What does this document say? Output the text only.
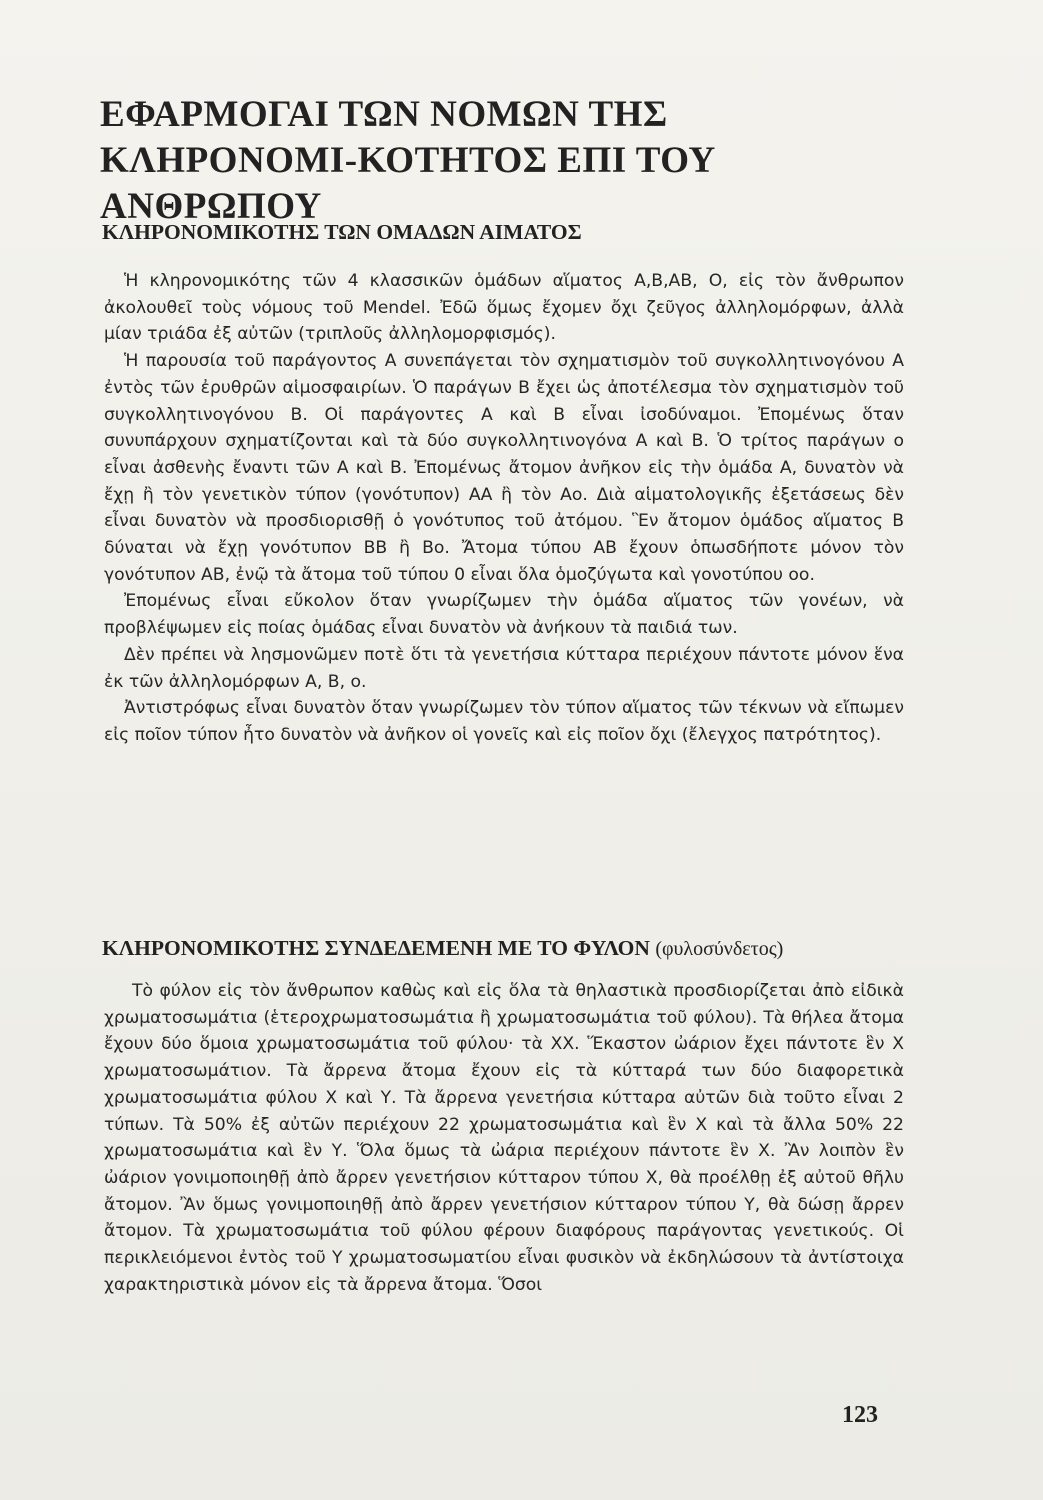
ΕΦΑΡΜΟΓΑΙ ΤΩΝ ΝΟΜΩΝ ΤΗΣ ΚΛΗΡΟΝΟΜΙ-ΚΟΤΗΤΟΣ ΕΠΙ ΤΟΥ ΑΝΘΡΩΠΟΥ
ΚΛΗΡΟΝΟΜΙΚΟΤΗΣ ΤΩΝ ΟΜΑΔΩΝ ΑΙΜΑΤΟΣ

Ἡ κληρονομικότης τῶν 4 κλασσικῶν ὁμάδων αἵματος Α,Β,ΑΒ, Ο, εἰς τὸν ἄνθρωπον ἀκολουθεῖ τοὺς νόμους τοῦ Mendel. Ἐδῶ ὅμως ἔχομεν ὄχι ζεῦγος ἀλληλομόρφων, ἀλλὰ μίαν τριάδα ἐξ αὐτῶν (τριπλοῦς ἀλληλομορφισμός).

Ἡ παρουσία τοῦ παράγοντος Α συνεπάγεται τὸν σχηματισμὸν τοῦ συγκολλητινογόνου Α ἐντὸς τῶν ἐρυθρῶν αἱμοσφαιρίων. Ὁ παράγων Β ἔχει ὡς ἀποτέλεσμα τὸν σχηματισμὸν τοῦ συγκολλητινογόνου Β. Οἱ παράγοντες Α καὶ Β εἶναι ἰσοδύναμοι. Ἐπομένως ὅταν συνυπάρχουν σχηματίζονται καὶ τὰ δύο συγκολλητινογόνα Α καὶ Β. Ὁ τρίτος παράγων ο εἶναι ἀσθενὴς ἔναντι τῶν Α καὶ Β. Ἐπομένως ἄτομον ἀνῆκον εἰς τὴν ὁμάδα Α, δυνατὸν νὰ ἔχῃ ἢ τὸν γενετικὸν τύπον (γονότυπον) ΑΑ ἢ τὸν Αο. Διὰ αἱματολογικῆς ἐξετάσεως δὲν εἶναι δυνατὸν νὰ προσδιορισθῇ ὁ γονότυπος τοῦ ἀτόμου. Ἓν ἄτομον ὁμάδος αἵματος Β δύναται νὰ ἔχῃ γονότυπον ΒΒ ἢ Βο. Ἄτομα τύπου ΑΒ ἔχουν ὁπωσδήποτε μόνον τὸν γονότυπον ΑΒ, ἐνῷ τὰ ἄτομα τοῦ τύπου 0 εἶναι ὅλα ὁμοζύγωτα καὶ γονοτύπου οο.

Ἐπομένως εἶναι εὔκολον ὅταν γνωρίζωμεν τὴν ὁμάδα αἵματος τῶν γονέων, νὰ προβλέψωμεν εἰς ποίας ὁμάδας εἶναι δυνατὸν νὰ ἀνήκουν τὰ παιδιά των.

Δὲν πρέπει νὰ λησμονῶμεν ποτὲ ὅτι τὰ γενετήσια κύτταρα περιέχουν πάντοτε μόνον ἕνα ἐκ τῶν ἀλληλομόρφων Α, Β, ο.

Ἀντιστρόφως εἶναι δυνατὸν ὅταν γνωρίζωμεν τὸν τύπον αἵματος τῶν τέκνων νὰ εἴπωμεν εἰς ποῖον τύπον ἦτο δυνατὸν νὰ ἀνῆκον οἱ γονεῖς καὶ εἰς ποῖον ὄχι (ἔλεγχος πατρότητος).

ΚΛΗΡΟΝΟΜΙΚΟΤΗΣ ΣΥΝΔΕΔΕΜΕΝΗ ΜΕ ΤΟ ΦΥΛΟΝ (φυλοσύνδετος)

Τὸ φύλον εἰς τὸν ἄνθρωπον καθὼς καὶ εἰς ὅλα τὰ θηλαστικὰ προσδιορίζεται ἀπὸ εἰδικὰ χρωματοσωμάτια (ἑτεροχρωματοσωμάτια ἢ χρωματοσωμάτια τοῦ φύλου). Τὰ θήλεα ἄτομα ἔχουν δύο ὅμοια χρωματοσωμάτια τοῦ φύλου· τὰ ΧΧ. Ἕκαστον ὠάριον ἔχει πάντοτε ἓν Χ χρωματοσωμάτιον. Τὰ ἄρρενα ἄτομα ἔχουν εἰς τὰ κύτταρά των δύο διαφορετικὰ χρωματοσωμάτια φύλου Χ καὶ Υ. Τὰ ἄρρενα γενετήσια κύτταρα αὐτῶν διὰ τοῦτο εἶναι 2 τύπων. Τὰ 50% ἐξ αὐτῶν περιέχουν 22 χρωματοσωμάτια καὶ ἓν Χ καὶ τὰ ἄλλα 50% 22 χρωματοσωμάτια καὶ ἓν Υ. Ὅλα ὅμως τὰ ὠάρια περιέχουν πάντοτε ἓν Χ. Ἂν λοιπὸν ἓν ὠάριον γονιμοποιηθῇ ἀπὸ ἄρρεν γενετήσιον κύτταρον τύπου Χ, θὰ προέλθῃ ἐξ αὐτοῦ θῆλυ ἄτομον. Ἂν ὅμως γονιμοποιηθῇ ἀπὸ ἄρρεν γενετήσιον κύτταρον τύπου Υ, θὰ δώσῃ ἄρρεν ἄτομον. Τὰ χρωματοσωμάτια τοῦ φύλου φέρουν διαφόρους παράγοντας γενετικούς. Οἱ περικλειόμενοι ἐντὸς τοῦ Υ χρωματοσωματίου εἶναι φυσικὸν νὰ ἐκδηλώσουν τὰ ἀντίστοιχα χαρακτηριστικὰ μόνον εἰς τὰ ἄρρενα ἄτομα. Ὅσοι

123
